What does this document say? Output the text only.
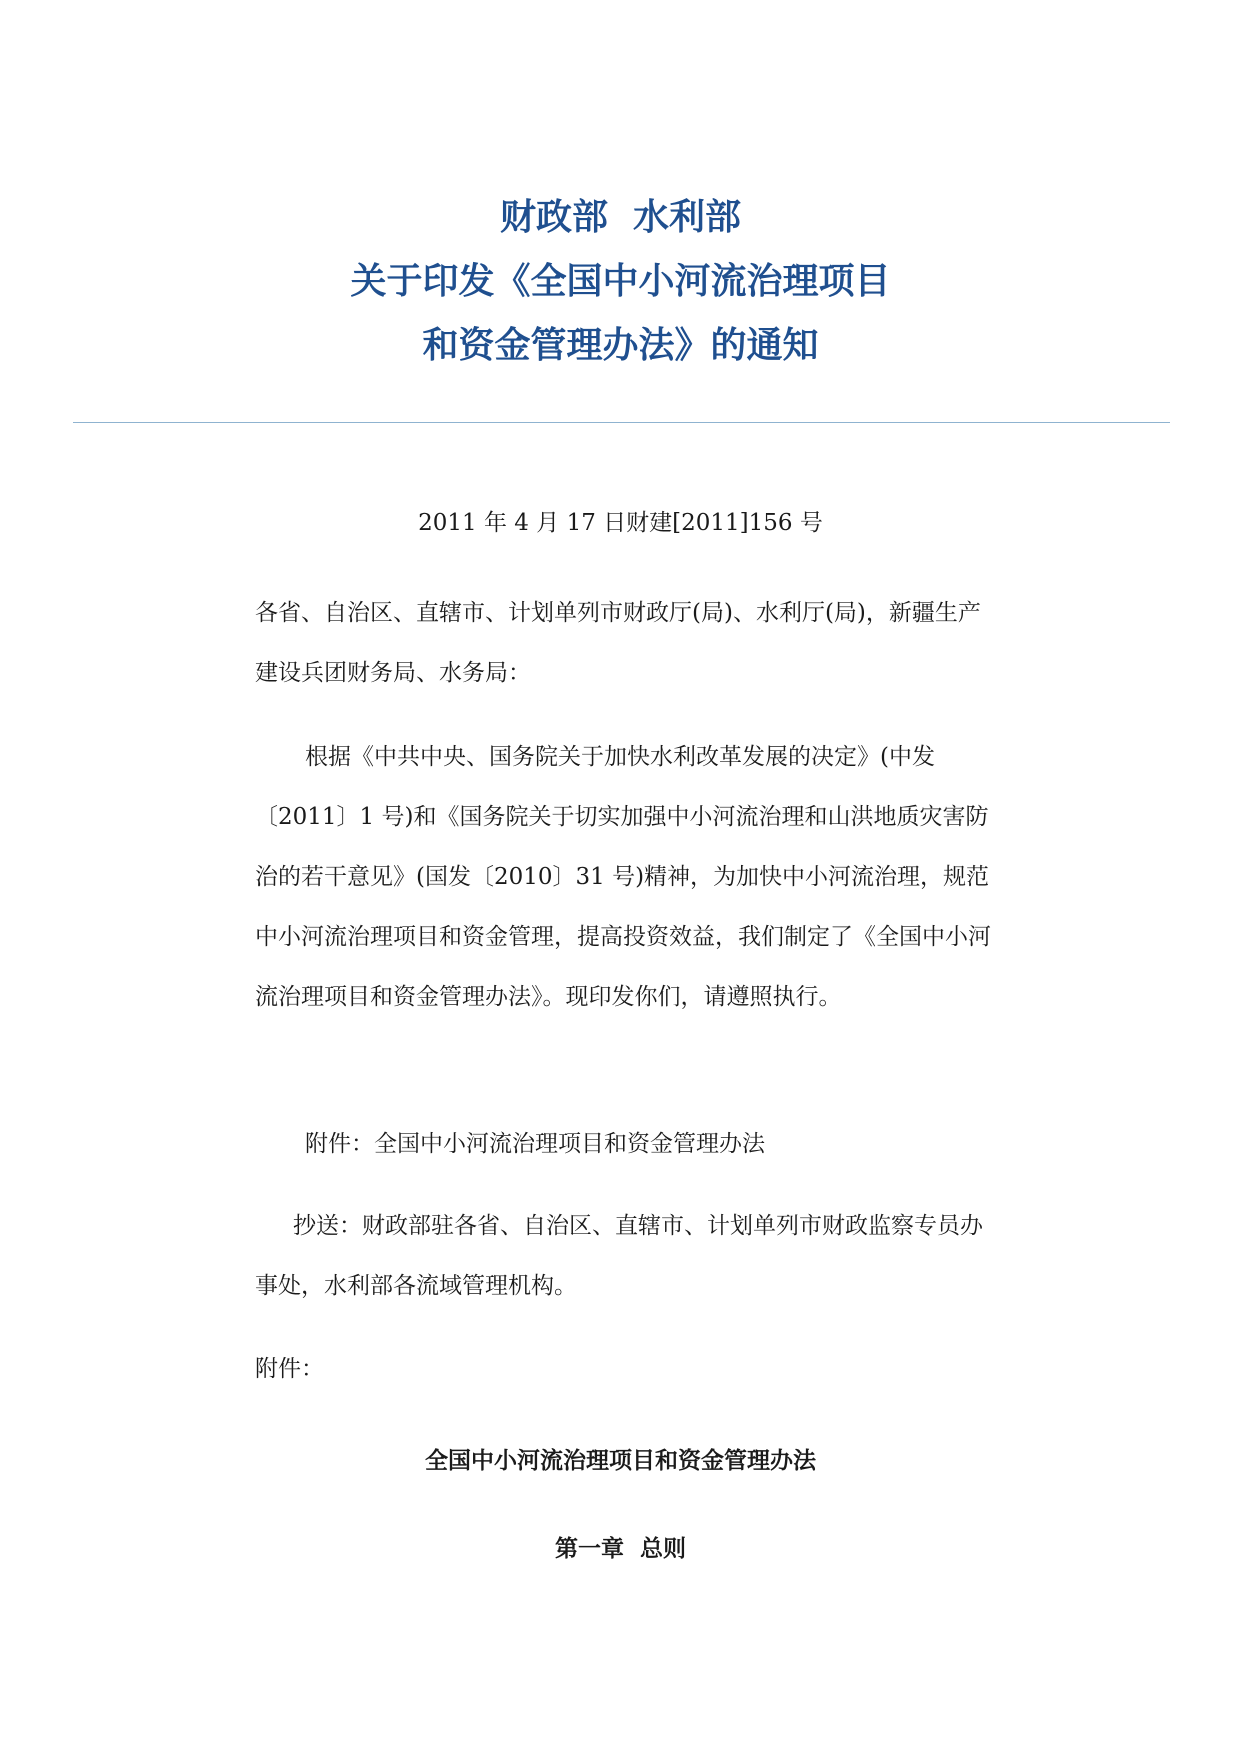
财政部  水利部
关于印发《全国中小河流治理项目
和资金管理办法》的通知
2011 年 4 月 17 日财建[2011]156 号

各省、自治区、直辖市、计划单列市财政厅(局)、水利厅(局)，新疆生产建设兵团财务局、水务局：

根据《中共中央、国务院关于加快水利改革发展的决定》(中发〔2011〕1 号)和《国务院关于切实加强中小河流治理和山洪地质灾害防治的若干意见》(国发〔2010〕31 号)精神，为加快中小河流治理，规范中小河流治理项目和资金管理，提高投资效益，我们制定了《全国中小河流治理项目和资金管理办法》。现印发你们，请遵照执行。

附件：全国中小河流治理项目和资金管理办法

抄送：财政部驻各省、自治区、直辖市、计划单列市财政监察专员办事处，水利部各流域管理机构。

附件：

全国中小河流治理项目和资金管理办法
第一章  总则
